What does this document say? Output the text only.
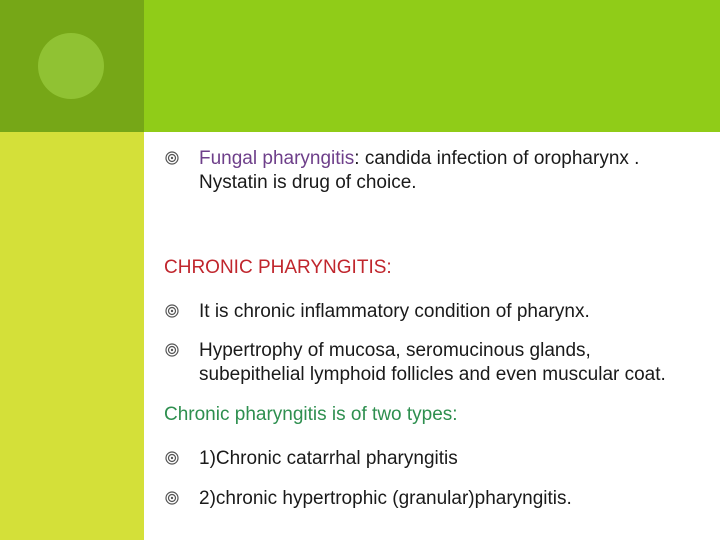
Fungal pharyngitis: candida infection of oropharynx .
Nystatin is drug of choice.
CHRONIC PHARYNGITIS:
It is chronic inflammatory condition of pharynx.
Hypertrophy of mucosa, seromucinous glands,
subepithelial lymphoid follicles and even muscular coat.
Chronic pharyngitis is of two types:
1)Chronic catarrhal pharyngitis
2)chronic hypertrophic (granular)pharyngitis.
